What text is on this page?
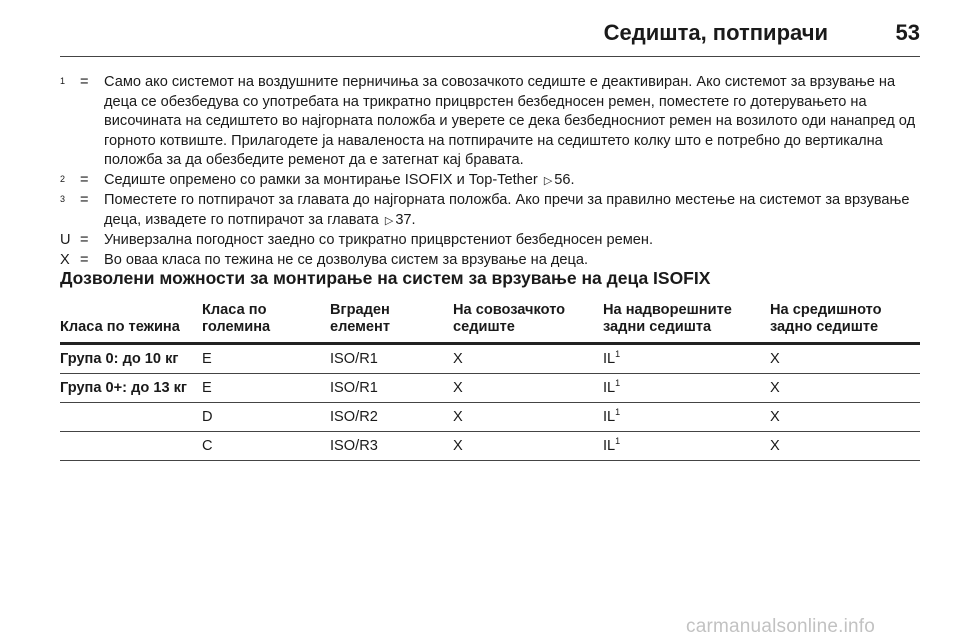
Седишта, потпирачи	53
$^1$	=	Само ако системот на воздушните перничиња за совозачкото седиште е деактивиран. Ако системот за врзување на деца се обезбедува со употребата на трикратно прицврстен безбедносен ремен, поместете го дотерувањето на височината на седиштето во најгорната положба и уверете се дека безбедносниот ремен на возилото оди нанапред од горното котвиште. Прилагодете ја наваленоста на потпирачите на седиштето колку што е потребно до вертикална положба за да обезбедите ременот да е затегнат кај бравата.
$^2$	=	Седиште опремено со рамки за монтирање ISOFIX и Top-Tether ▷ 56.
$^3$	=	Поместете го потпирачот за главата до најгорната положба. Ако пречи за правилно местење на системот за врзување деца, извадете го потпирачот за главата ▷ 37.
U =	Универзална погодност заедно со трикратно прицврстениот безбедносен ремен.
X =	Во оваа класа по тежина не се дозволува систем за врзување на деца.
Дозволени можности за монтирање на систем за врзување на деца ISOFIX
Класа по тежина	Класа по големина	Вграден елемент	На совозачкото седиште	На надворешните задни седишта	На средишното задно седиште
Група 0: до 10 кг	E	ISO/R1	X	$IL^1$	X
Група 0+: до 13 кг	E	ISO/R1	X	$IL^1$	X
	D	ISO/R2	X	$IL^1$	X
	C	ISO/R3	X	$IL^1$	X
carmanualsonline.info
